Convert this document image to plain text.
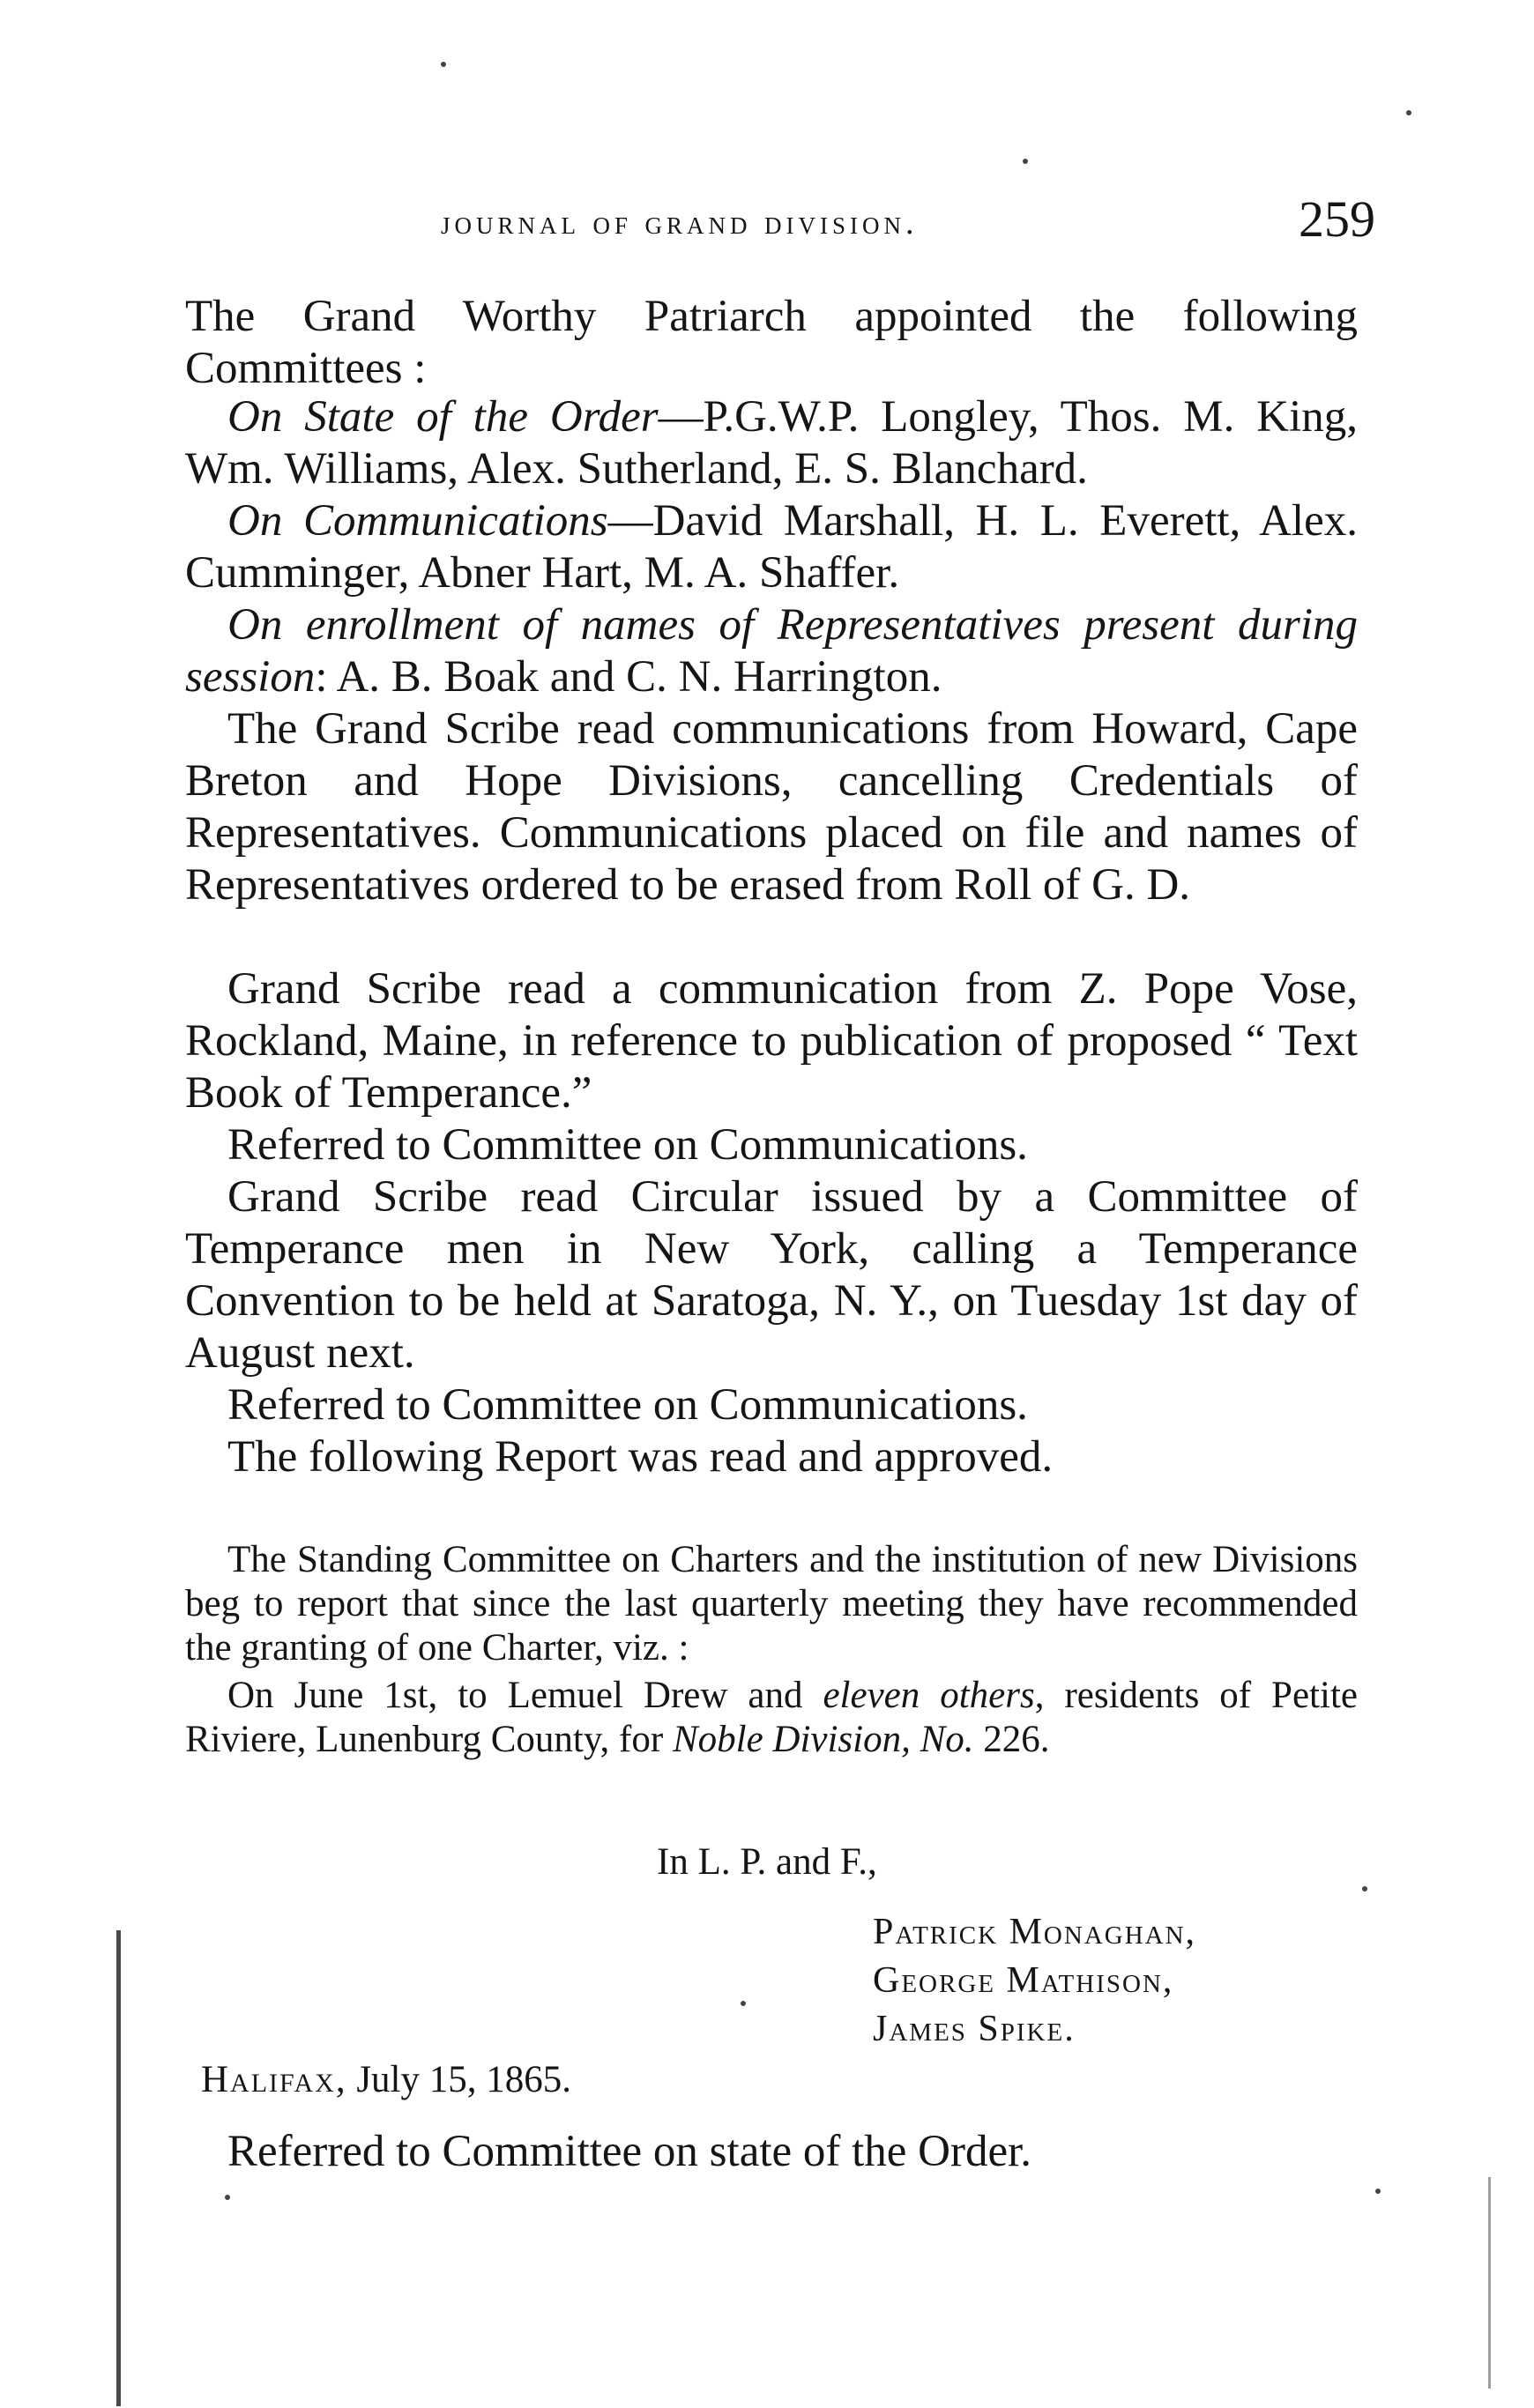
journal of grand division.	259
The Grand Worthy Patriarch appointed the following Committees :
On State of the Order—P.G.W.P. Longley, Thos. M. King, Wm. Williams, Alex. Sutherland, E. S. Blanchard.
On Communications—David Marshall, H. L. Everett, Alex. Cumminger, Abner Hart, M. A. Shaffer.
On enrollment of names of Representatives present during session: A. B. Boak and C. N. Harrington.
The Grand Scribe read communications from Howard, Cape Breton and Hope Divisions, cancelling Credentials of Representatives. Communications placed on file and names of Representatives ordered to be erased from Roll of G. D.
Grand Scribe read a communication from Z. Pope Vose, Rockland, Maine, in reference to publication of proposed “ Text Book of Temperance.”
Referred to Committee on Communications.
Grand Scribe read Circular issued by a Committee of Temperance men in New York, calling a Temperance Convention to be held at Saratoga, N. Y., on Tuesday 1st day of August next.
Referred to Committee on Communications.
The following Report was read and approved.
The Standing Committee on Charters and the institution of new Divisions beg to report that since the last quarterly meeting they have recommended the granting of one Charter, viz. :
On June 1st, to Lemuel Drew and eleven others, residents of Petite Riviere, Lunenburg County, for Noble Division, No. 226.
In L. P. and F.,
Patrick Monaghan,
George Mathison,
James Spike.
Halifax, July 15, 1865.
Referred to Committee on state of the Order.
